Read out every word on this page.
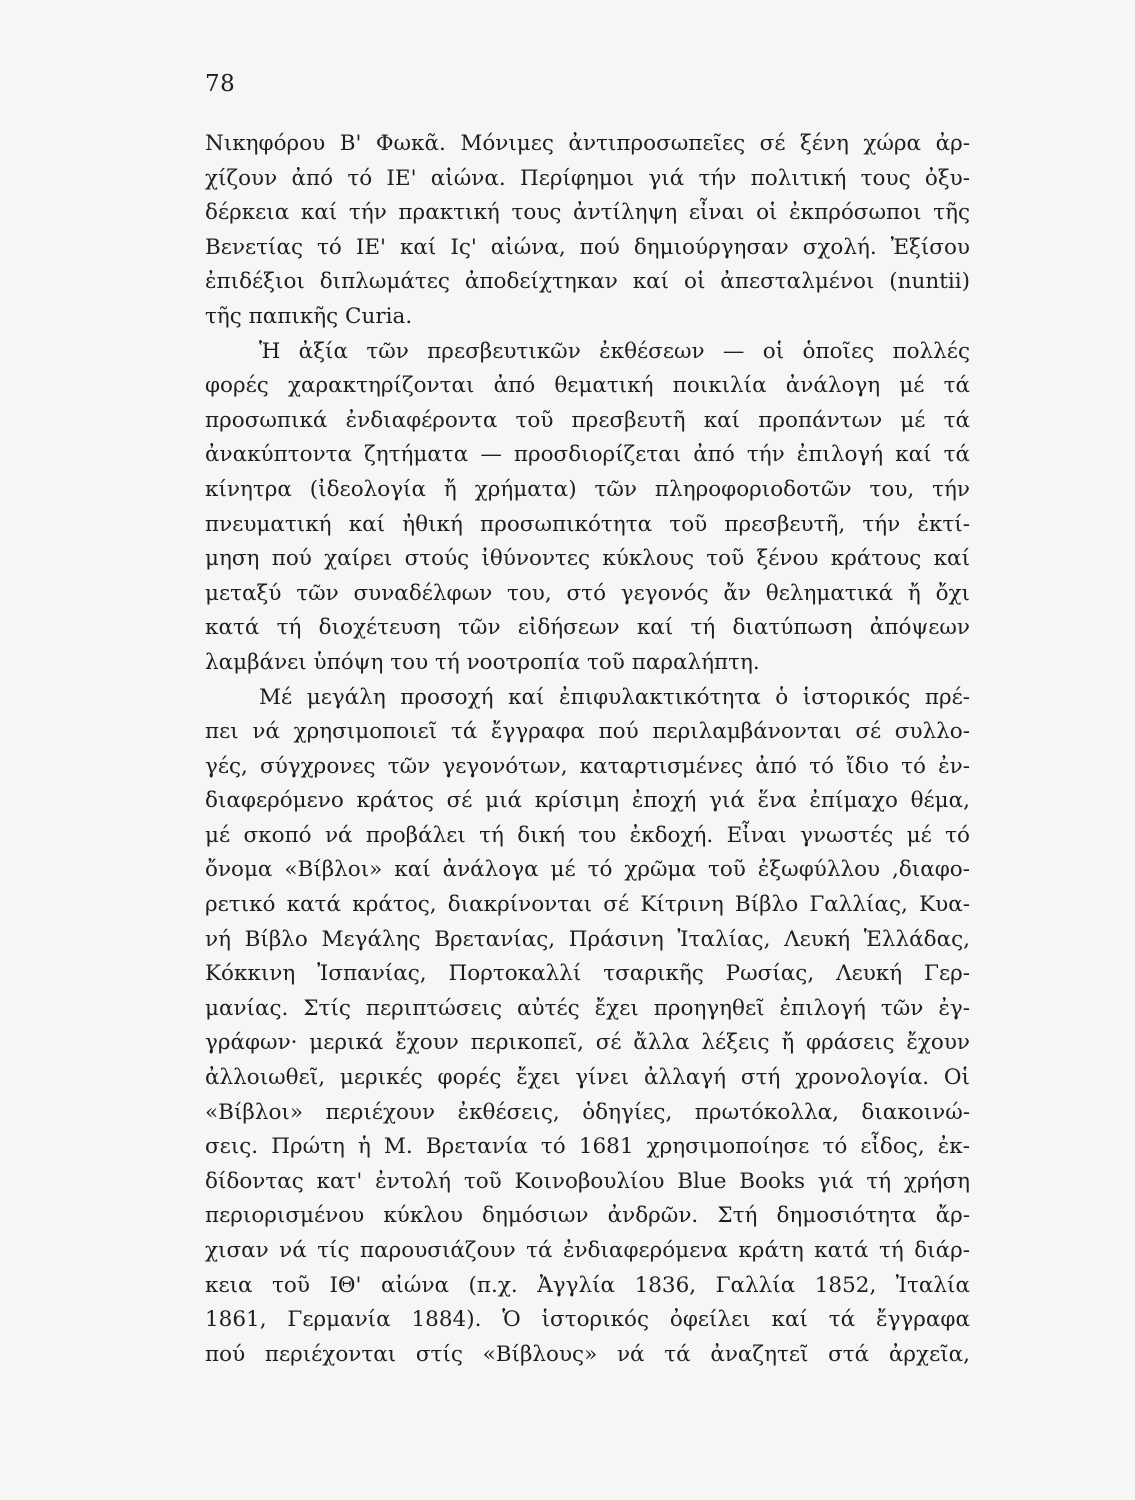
78
Νικηφόρου Β' Φωκᾶ. Μόνιμες ἀντιπροσωπεῖες σέ ξένη χώρα ἀρ-
χίζουν ἀπό τό ΙΕ' αἰώνα. Περίφημοι γιά τήν πολιτική τους ὀξυ-
δέρκεια καί τήν πρακτική τους ἀντίληψη εἶναι οἱ ἐκπρόσωποι τῆς
Βενετίας τό ΙΕ' καί Ις' αἰώνα, πού δημιούργησαν σχολή. Ἐξίσου
ἐπιδέξιοι διπλωμάτες ἀποδείχτηκαν καί οἱ ἀπεσταλμένοι (nuntii)
τῆς παπικῆς Curia.
Ἡ ἀξία τῶν πρεσβευτικῶν ἐκθέσεων — οἱ ὁποῖες πολλές
φορές χαρακτηρίζονται ἀπό θεματική ποικιλία ἀνάλογη μέ τά
προσωπικά ἐνδιαφέροντα τοῦ πρεσβευτῆ καί προπάντων μέ τά
ἀνακύπτοντα ζητήματα — προσδιορίζεται ἀπό τήν ἐπιλογή καί τά
κίνητρα (ἰδεολογία ἤ χρήματα) τῶν πληροφοριοδοτῶν του, τήν
πνευματική καί ἠθική προσωπικότητα τοῦ πρεσβευτῆ, τήν ἐκτί-
μηση πού χαίρει στούς ἰθύνοντες κύκλους τοῦ ξένου κράτους καί
μεταξύ τῶν συναδέλφων του, στό γεγονός ἄν θεληματικά ἤ ὄχι
κατά τή διοχέτευση τῶν εἰδήσεων καί τή διατύπωση ἀπόψεων
λαμβάνει ὑπόψη του τή νοοτροπία τοῦ παραλήπτη.
Μέ μεγάλη προσοχή καί ἐπιφυλακτικότητα ὁ ἱστορικός πρέ-
πει νά χρησιμοποιεῖ τά ἔγγραφα πού περιλαμβάνονται σέ συλλο-
γές, σύγχρονες τῶν γεγονότων, καταρτισμένες ἀπό τό ἴδιο τό ἐν-
διαφερόμενο κράτος σέ μιά κρίσιμη ἐποχή γιά ἕνα ἐπίμαχο θέμα,
μέ σκοπό νά προβάλει τή δική του ἐκδοχή. Εἶναι γνωστές μέ τό
ὄνομα «Βίβλοι» καί ἀνάλογα μέ τό χρῶμα τοῦ ἐξωφύλλου ,διαφο-
ρετικό κατά κράτος, διακρίνονται σέ Κίτρινη Βίβλο Γαλλίας, Κυα-
νή Βίβλο Μεγάλης Βρετανίας, Πράσινη Ἰταλίας, Λευκή Ἑλλάδας,
Κόκκινη Ἰσπανίας, Πορτοκαλλί τσαρικῆς Ρωσίας, Λευκή Γερ-
μανίας. Στίς περιπτώσεις αὐτές ἔχει προηγηθεῖ ἐπιλογή τῶν ἐγ-
γράφων· μερικά ἔχουν περικοπεῖ, σέ ἄλλα λέξεις ἤ φράσεις ἔχουν
ἀλλοιωθεῖ, μερικές φορές ἔχει γίνει ἀλλαγή στή χρονολογία. Οἱ
«Βίβλοι» περιέχουν ἐκθέσεις, ὁδηγίες, πρωτόκολλα, διακοινώ-
σεις. Πρώτη ἡ Μ. Βρετανία τό 1681 χρησιμοποίησε τό εἶδος, ἐκ-
δίδοντας κατ' ἐντολή τοῦ Κοινοβουλίου Blue Books γιά τή χρήση
περιορισμένου κύκλου δημόσιων ἀνδρῶν. Στή δημοσιότητα ἄρ-
χισαν νά τίς παρουσιάζουν τά ἐνδιαφερόμενα κράτη κατά τή διάρ-
κεια τοῦ ΙΘ' αἰώνα (π.χ. Ἀγγλία 1836, Γαλλία 1852, Ἰταλία
1861, Γερμανία 1884). Ὁ ἱστορικός ὀφείλει καί τά ἔγγραφα
πού περιέχονται στίς «Βίβλους» νά τά ἀναζητεῖ στά ἀρχεῖα,
